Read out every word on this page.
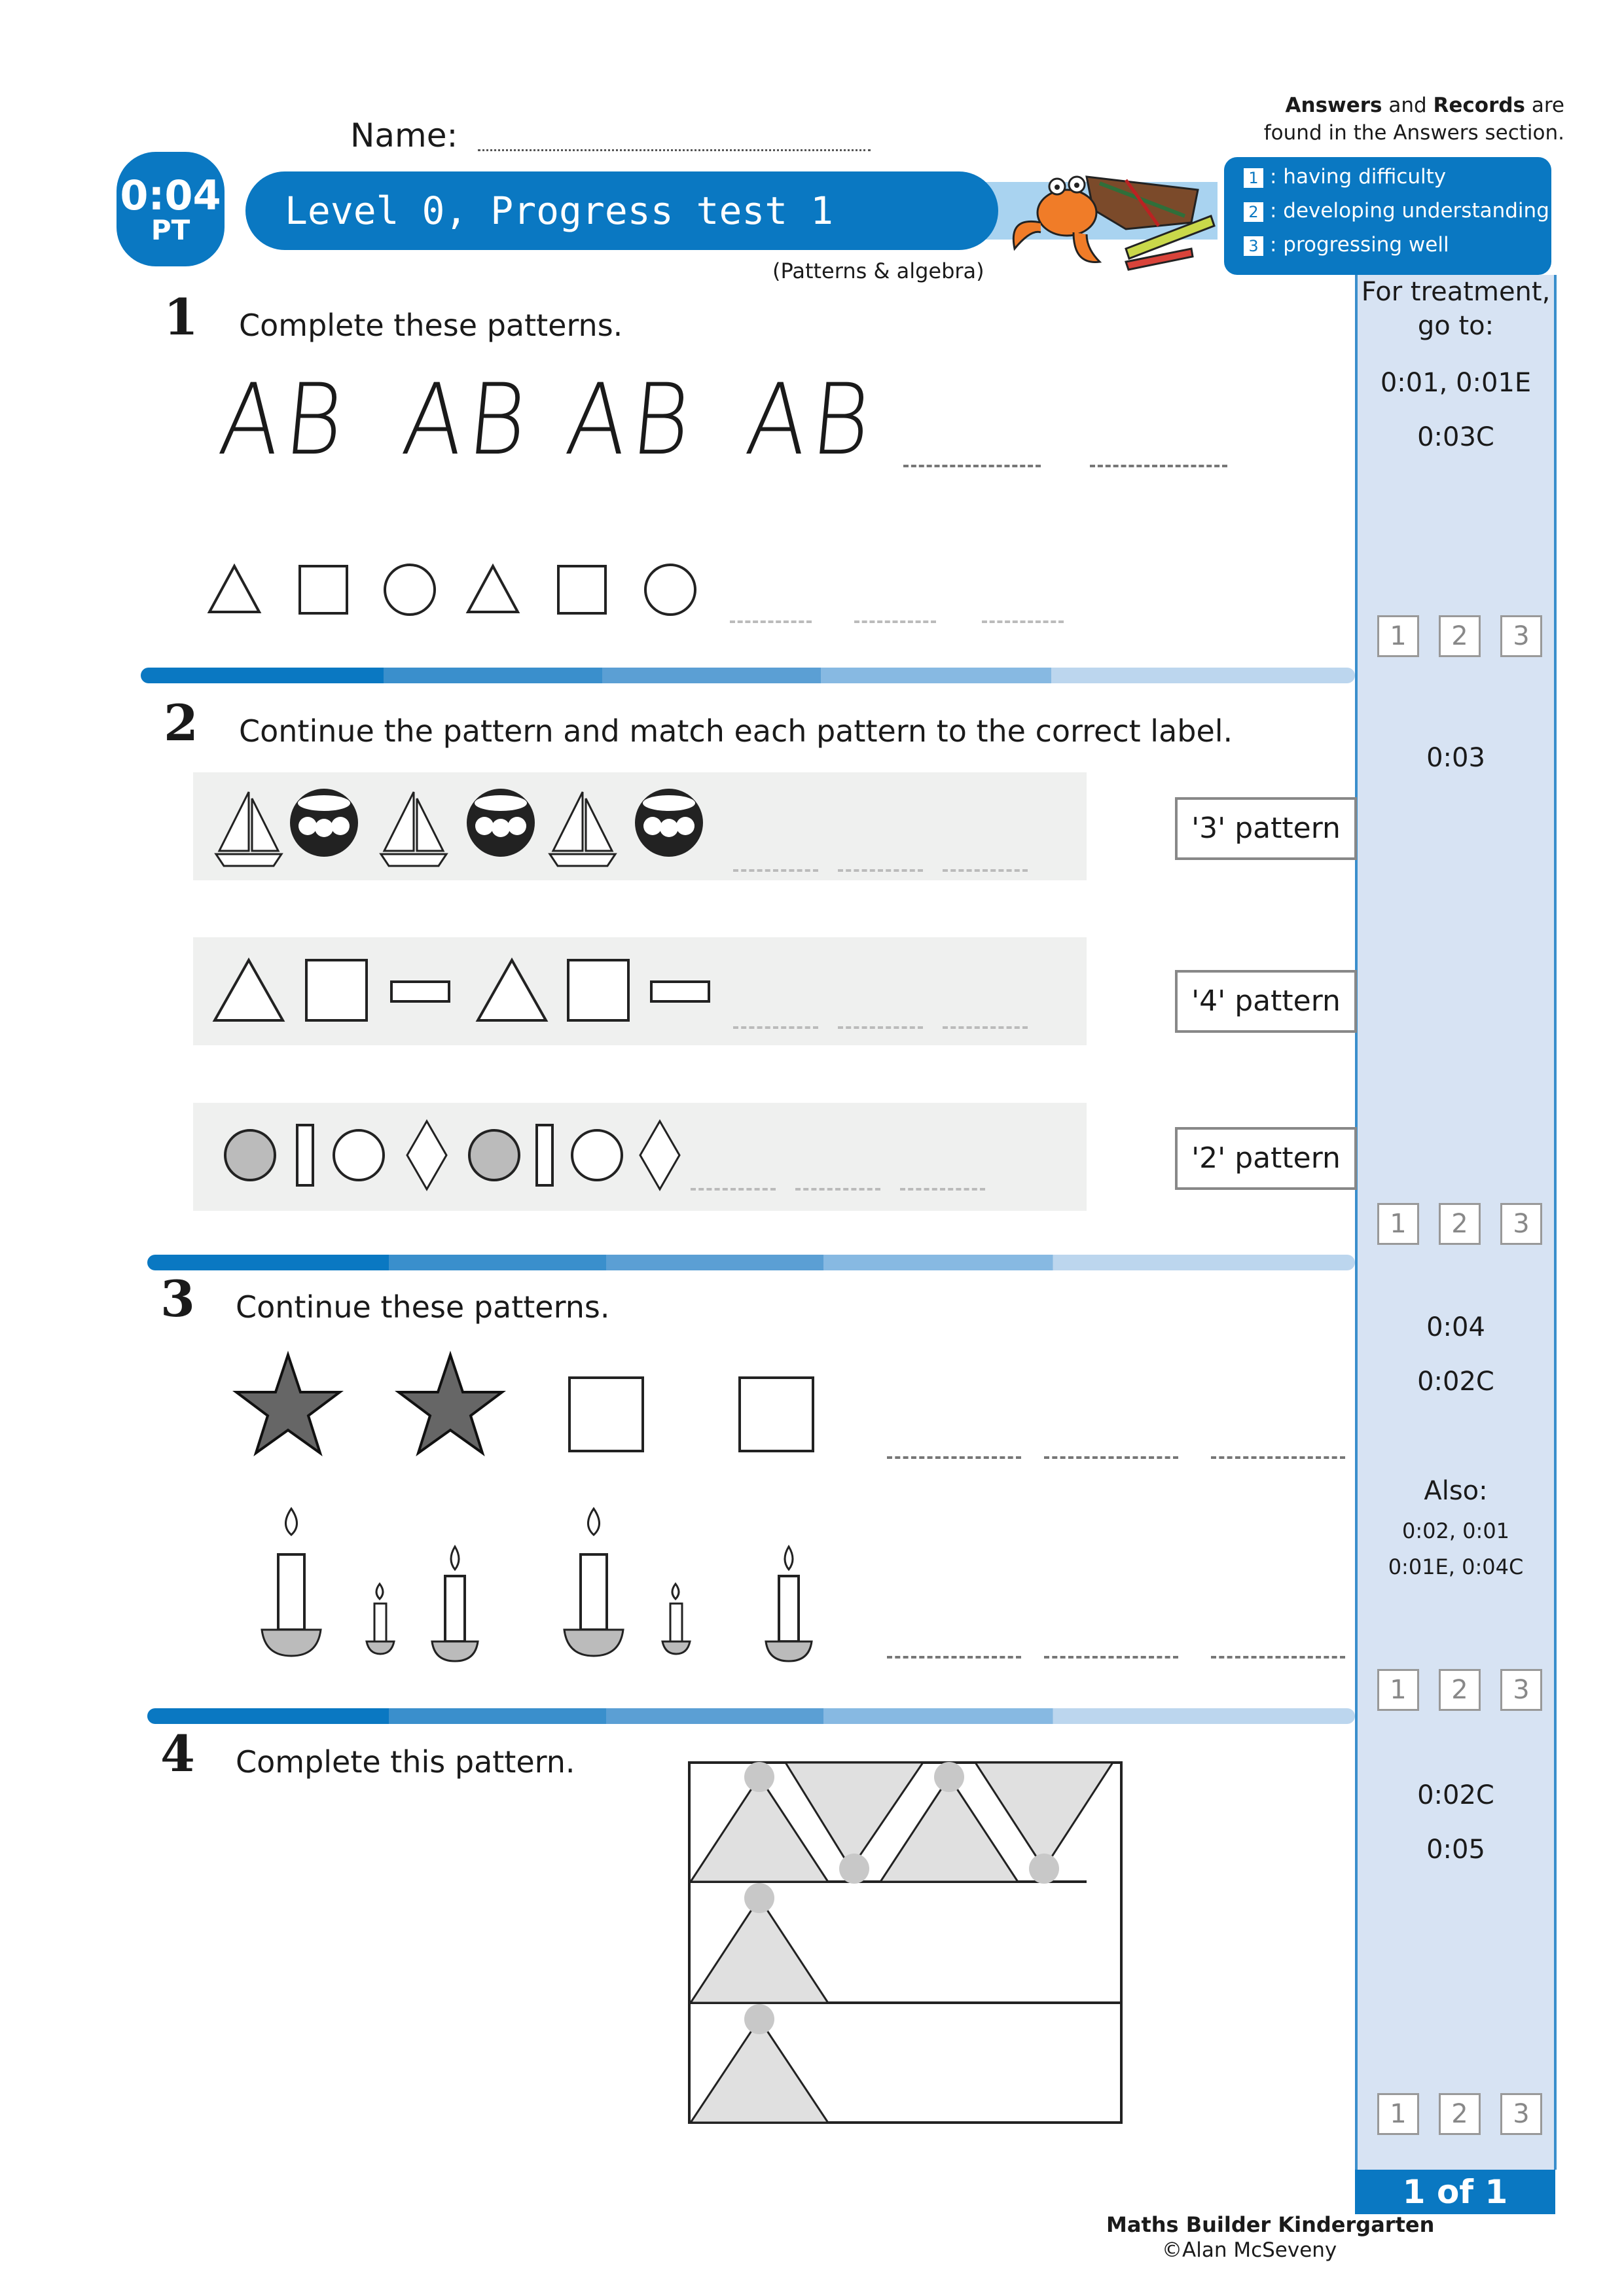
Name:
Answers and Records are
found in the Answers section.
0:04
PT	Level 0, Progress test 1
(Patterns & algebra)
1 : having difficulty
2 : developing understanding
3 : progressing well
For treatment,
go to:
0:01, 0:01E
0:03C
1	2	3
0:03
1	2	3
0:04
0:02C
Also:
0:02, 0:01
0:01E, 0:04C
1	2	3
0:02C
0:05
1	2	3
1 of 1
1 Complete these patterns.
AB AB AB AB
2 Continue the pattern and match each pattern to the correct label.
'3' pattern
'4' pattern
'2' pattern
3 Continue these patterns.
4 Complete this pattern.
Maths Builder Kindergarten
©Alan McSeveny
